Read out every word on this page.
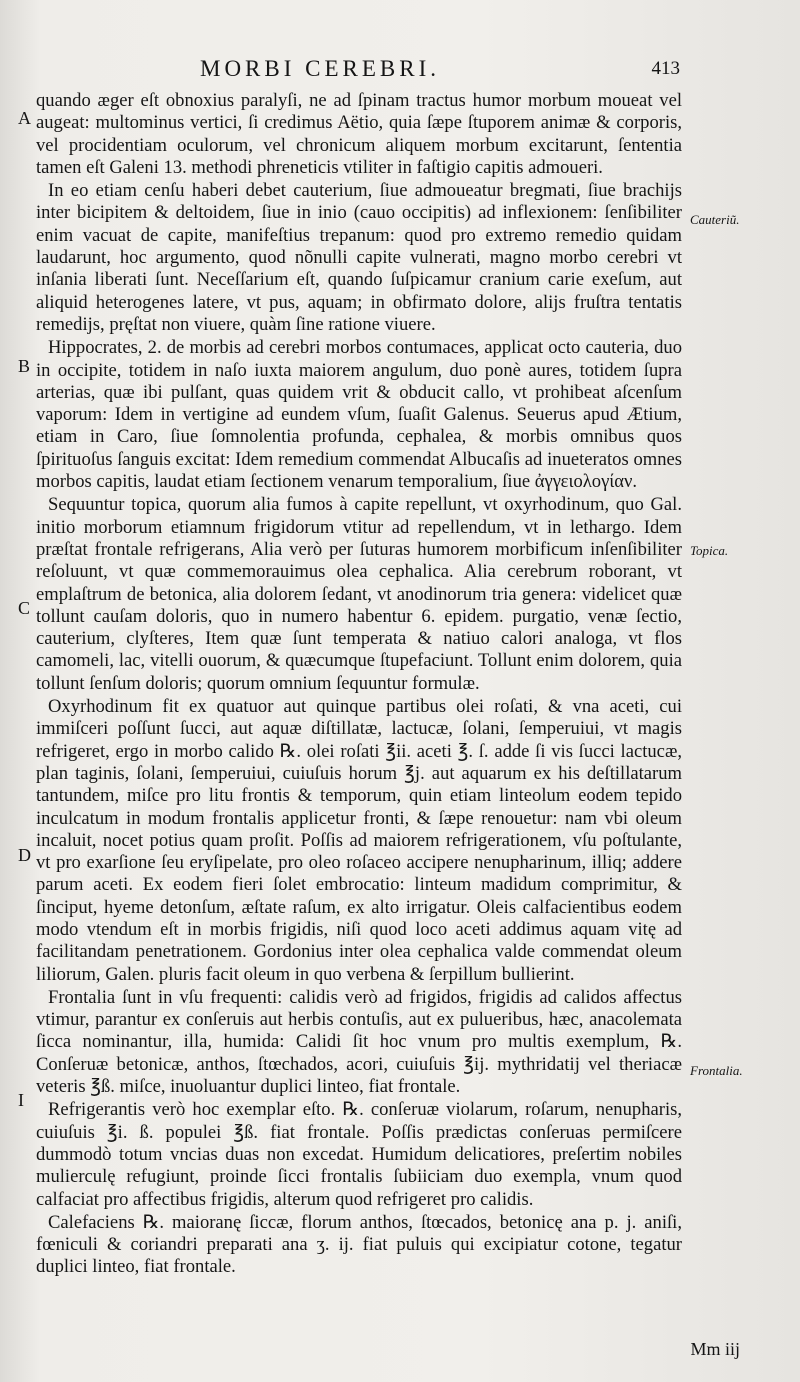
MORBI CEREBRI.	413
A
B
C
D
I
Cauteriũ.
Topica.
Frontalia.

quando æger eſt obnoxius paralyſi, ne ad ſpinam tractus humor morbum moueat vel augeat: multominus vertici, ſi credimus Aëtio, quia ſæpe ſtuporem animæ & corporis, vel procidentiam oculorum, vel chronicum aliquem morbum excitarunt, ſententia tamen eſt Galeni 13. methodi phreneticis vtiliter in faſtigio capitis admoueri.

In eo etiam cenſu haberi debet cauterium, ſiue admoueatur bregmati, ſiue brachijs inter bicipitem & deltoidem, ſiue in inio (cauo occipitis) ad inflexionem: ſenſibiliter enim vacuat de capite, manifeſtius trepanum: quod pro extremo remedio quidam laudarunt, hoc argumento, quod nõnulli capite vulnerati, magno morbo cerebri vt inſania liberati ſunt. Neceſſarium eſt, quando ſuſpicamur cranium carie exeſum, aut aliquid heterogenes latere, vt pus, aquam; in obfirmato dolore, alijs fruſtra tentatis remedijs, pręſtat non viuere, quàm ſine ratione viuere.

Hippocrates, 2. de morbis ad cerebri morbos contumaces, applicat octo cauteria, duo in occipite, totidem in naſo iuxta maiorem angulum, duo ponè aures, totidem ſupra arterias, quæ ibi pulſant, quas quidem vrit & obducit callo, vt prohibeat aſcenſum vaporum: Idem in vertigine ad eundem vſum, ſuaſit Galenus. Seuerus apud Ætium, etiam in Caro, ſiue ſomnolentia profunda, cephalea, & morbis omnibus quos ſpirituoſus ſanguis excitat: Idem remedium commendat Albucaſis ad inueteratos omnes morbos capitis, laudat etiam ſectionem venarum temporalium, ſiue ἀγγειολογίαν.

Sequuntur topica, quorum alia fumos à capite repellunt, vt oxyrhodinum, quo Gal. initio morborum etiamnum frigidorum vtitur ad repellendum, vt in lethargo. Idem præſtat frontale refrigerans, Alia verò per ſuturas humorem morbificum inſenſibiliter reſoluunt, vt quæ commemorauimus olea cephalica. Alia cerebrum roborant, vt emplaſtrum de betonica, alia dolorem ſedant, vt anodinorum tria genera: videlicet quæ tollunt cauſam doloris, quo in numero habentur 6. epidem. purgatio, venæ ſectio, cauterium, clyſteres, Item quæ ſunt temperata & natiuo calori analoga, vt flos camomeli, lac, vitelli ouorum, & quæcumque ſtupefaciunt. Tollunt enim dolorem, quia tollunt ſenſum doloris; quorum omnium ſequuntur formulæ.

Oxyrhodinum fit ex quatuor aut quinque partibus olei roſati, & vna aceti, cui immiſceri poſſunt ſucci, aut aquæ diſtillatæ, lactucæ, ſolani, ſemperuiui, vt magis refrigeret, ergo in morbo calido ℞. olei roſati ℥ii. aceti ℥. ſ. adde ſi vis ſucci lactucæ, plan taginis, ſolani, ſemperuiui, cuiuſuis horum ℥j. aut aquarum ex his deſtillatarum tantundem, miſce pro litu frontis & temporum, quin etiam linteolum eodem tepido inculcatum in modum frontalis applicetur fronti, & ſæpe renouetur: nam vbi oleum incaluit, nocet potius quam proſit. Poſſis ad maiorem refrigerationem, vſu poſtulante, vt pro exarſione ſeu eryſipelate, pro oleo roſaceo accipere nenupharinum, illiq; addere parum aceti. Ex eodem fieri ſolet embrocatio: linteum madidum comprimitur, & ſinciput, hyeme detonſum, æſtate raſum, ex alto irrigatur. Oleis calfacientibus eodem modo vtendum eſt in morbis frigidis, niſi quod loco aceti addimus aquam vitę ad facilitandam penetrationem. Gordonius inter olea cephalica valde commendat oleum liliorum, Galen. pluris facit oleum in quo verbena & ſerpillum bullierint.

Frontalia ſunt in vſu frequenti: calidis verò ad frigidos, frigidis ad calidos affectus vtimur, parantur ex conſeruis aut herbis contuſis, aut ex pulueribus, hæc, anacolemata ſicca nominantur, illa, humida: Calidi ſit hoc vnum pro multis exemplum, ℞. Conſeruæ betonicæ, anthos, ſtœchados, acori, cuiuſuis ℥ij. mythridatij vel theriacæ veteris ℥ß. miſce, inuoluantur duplici linteo, fiat frontale.

Refrigerantis verò hoc exemplar eſto. ℞. conſeruæ violarum, roſarum, nenupharis, cuiuſuis ℥i. ß. populei ℥ß. fiat frontale. Poſſis prædictas conſeruas permiſcere dummodò totum vncias duas non excedat. Humidum delicatiores, preſertim nobiles mulierculę refugiunt, proinde ſicci frontalis ſubiiciam duo exempla, vnum quod calfaciat pro affectibus frigidis, alterum quod refrigeret pro calidis.

Calefaciens ℞. maioranę ſiccæ, florum anthos, ſtœcados, betonicę ana p. j. aniſi, fœniculi & coriandri preparati ana ʒ. ij. fiat puluis qui excipiatur cotone, tegatur duplici linteo, fiat frontale.

Mm iij
